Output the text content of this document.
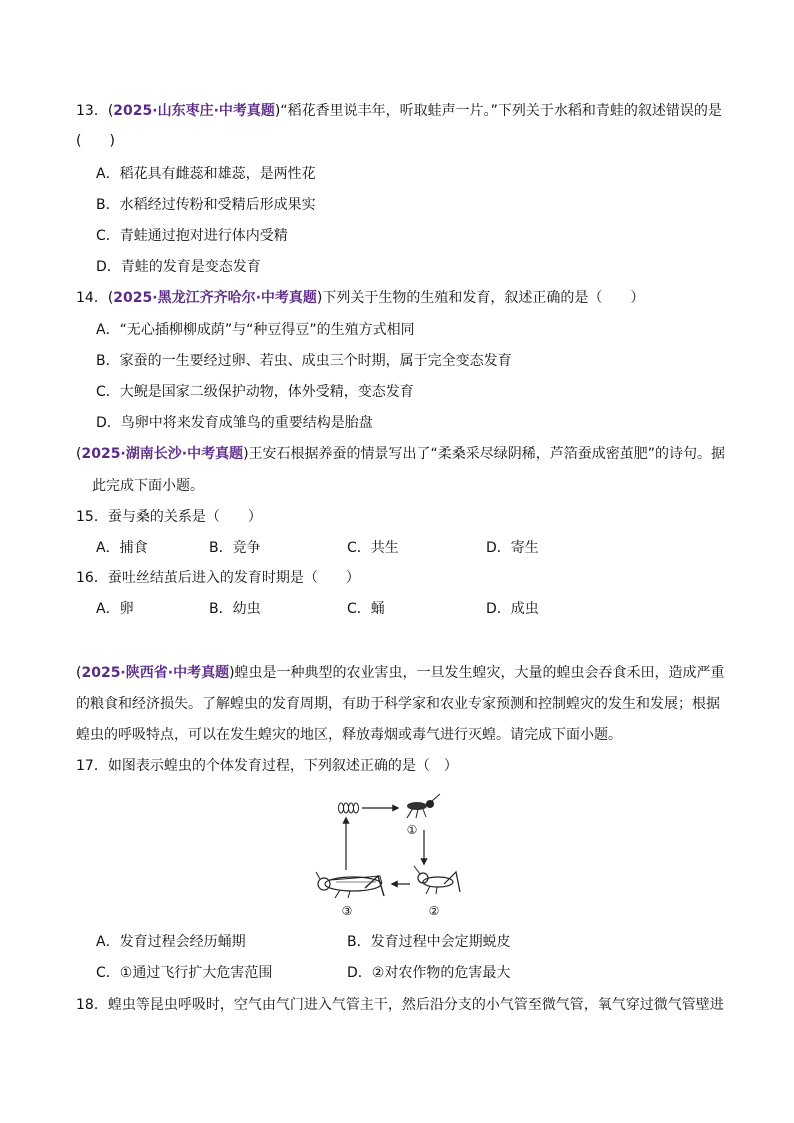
13．(2025·山东枣庄·中考真题)“稻花香里说丰年，听取蛙声一片。”下列关于水稻和青蛙的叙述错误的是
(　　)
A．稻花具有雌蕊和雄蕊，是两性花
B．水稻经过传粉和受精后形成果实
C．青蛙通过抱对进行体内受精
D．青蛙的发育是变态发育
14．(2025·黑龙江齐齐哈尔·中考真题)下列关于生物的生殖和发育，叙述正确的是（　　）
A．“无心插柳柳成荫”与“种豆得豆”的生殖方式相同
B．家蚕的一生要经过卵、若虫、成虫三个时期，属于完全变态发育
C．大鲵是国家二级保护动物，体外受精，变态发育
D．鸟卵中将来发育成雏鸟的重要结构是胎盘
(2025·湖南长沙·中考真题)王安石根据养蚕的情景写出了“柔桑采尽绿阴稀，芦箔蚕成密茧肥”的诗句。据
此完成下面小题。
15．蚕与桑的关系是（　　）
A．捕食	B．竞争	C．共生	D．寄生
16．蚕吐丝结茧后进入的发育时期是（　　）
A．卵	B．幼虫	C．蛹	D．成虫
(2025·陕西省·中考真题)蝗虫是一种典型的农业害虫，一旦发生蝗灾，大量的蝗虫会吞食禾田，造成严重
的粮食和经济损失。了解蝗虫的发育周期，有助于科学家和农业专家预测和控制蝗灾的发生和发展；根据
蝗虫的呼吸特点，可以在发生蝗灾的地区，释放毒烟或毒气进行灭蝗。请完成下面小题。
17．如图表示蝗虫的个体发育过程，下列叙述正确的是（　）
①
②
③
A．发育过程会经历蛹期	B．发育过程中会定期蜕皮
C．①通过飞行扩大危害范围	D．②对农作物的危害最大
18．蝗虫等昆虫呼吸时，空气由气门进入气管主干，然后沿分支的小气管至微气管，氧气穿过微气管壁进
